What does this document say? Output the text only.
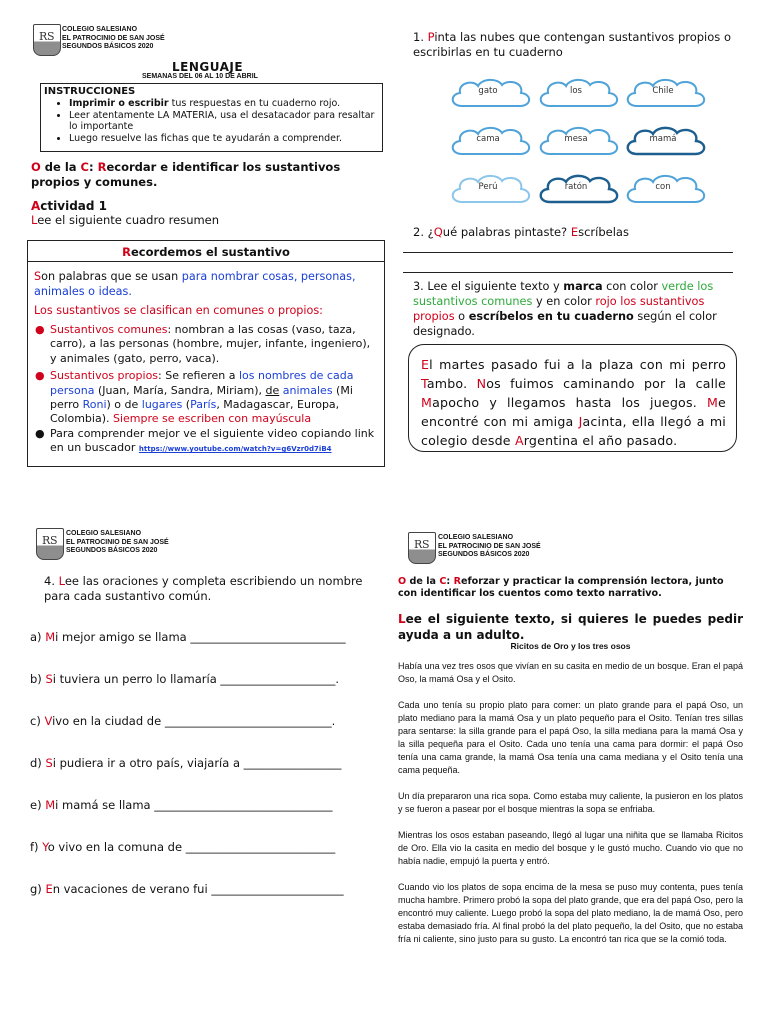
R S
COLEGIO SALESIANO
EL PATROCINIO DE SAN JOSÉ
SEGUNDOS BÁSICOS 2020
LENGUAJE
SEMANAS DEL 06 AL 10 DE ABRIL
INSTRUCCIONES
• Imprimir o escribir tus respuestas en tu cuaderno rojo.
• Leer atentamente LA MATERIA, usa el desatacador para resaltar lo importante
• Luego resuelve las fichas que te ayudarán a comprender.
O de la C: Recordar e identificar los sustantivos propios y comunes.
Actividad 1
Lee el siguiente cuadro resumen
Recordemos el sustantivo
Son palabras que se usan para nombrar cosas, personas, animales o ideas.
Los sustantivos se clasifican en comunes o propios:
● Sustantivos comunes: nombran a las cosas (vaso, taza, carro), a las personas (hombre, mujer, infante, ingeniero), y animales (gato, perro, vaca).
● Sustantivos propios: Se refieren a los nombres de cada persona (Juan, María, Sandra, Miriam), de animales (Mi perro Roni) o de lugares (París, Madagascar, Europa, Colombia). Siempre se escriben con mayúscula
● Para comprender mejor ve el siguiente video copiando link en un buscador https://www.youtube.com/watch?v=g6Vzr0d7iB4
1. Pinta las nubes que contengan sustantivos propios o escribirlas en tu cuaderno
gato	los	Chile
cama	mesa	mamá
Perú	ratón	con
2. ¿Qué palabras pintaste? Escríbelas
3. Lee el siguiente texto y marca con color verde los sustantivos comunes y en color rojo los sustantivos propios o escríbelos en tu cuaderno según el color designado.
El martes pasado fui a la plaza con mi perro Tambo. Nos fuimos caminando por la calle Mapocho y llegamos hasta los juegos. Me encontré con mi amiga Jacinta, ella llegó a mi colegio desde Argentina el año pasado.
R S
COLEGIO SALESIANO
EL PATROCINIO DE SAN JOSÉ
SEGUNDOS BÁSICOS 2020
4. Lee las oraciones y completa escribiendo un nombre para cada sustantivo común.
a) Mi mejor amigo se llama ___________________________
b) Si tuviera un perro lo llamaría ____________________.
c) Vivo en la ciudad de _____________________________.
d) Si pudiera ir a otro país, viajaría a _________________
e) Mi mamá se llama _______________________________
f) Yo vivo en la comuna de __________________________
g) En vacaciones de verano fui _______________________
R S
COLEGIO SALESIANO
EL PATROCINIO DE SAN JOSÉ
SEGUNDOS BÁSICOS 2020
O de la C: Reforzar y practicar la comprensión lectora, junto con identificar los cuentos como texto narrativo.
Lee el siguiente texto, si quieres le puedes pedir ayuda a un adulto.
Ricitos de Oro y los tres osos
Había una vez tres osos que vivían en su casita en medio de un bosque. Eran el papá Oso, la mamá Osa y el Osito.
Cada uno tenía su propio plato para comer: un plato grande para el papá Oso, un plato mediano para la mamá Osa y un plato pequeño para el Osito. Tenían tres sillas para sentarse: la silla grande para el papá Oso, la silla mediana para la mamá Osa y la silla pequeña para el Osito. Cada uno tenía una cama para dormir: el papá Oso tenía una cama grande, la mamá Osa tenía una cama mediana y el Osito tenía una cama pequeña.
Un día prepararon una rica sopa. Como estaba muy caliente, la pusieron en los platos y se fueron a pasear por el bosque mientras la sopa se enfriaba.
Mientras los osos estaban paseando, llegó al lugar una niñita que se llamaba Ricitos de Oro. Ella vio la casita en medio del bosque y le gustó mucho. Cuando vio que no había nadie, empujó la puerta y entró.
Cuando vio los platos de sopa encima de la mesa se puso muy contenta, pues tenía mucha hambre. Primero probó la sopa del plato grande, que era del papá Oso, pero la encontró muy caliente. Luego probó la sopa del plato mediano, la de mamá Oso, pero estaba demasiado fría. Al final probó la del plato pequeño, la del Osito, que no estaba fría ni caliente, sino justo para su gusto. La encontró tan rica que se la comió toda.
